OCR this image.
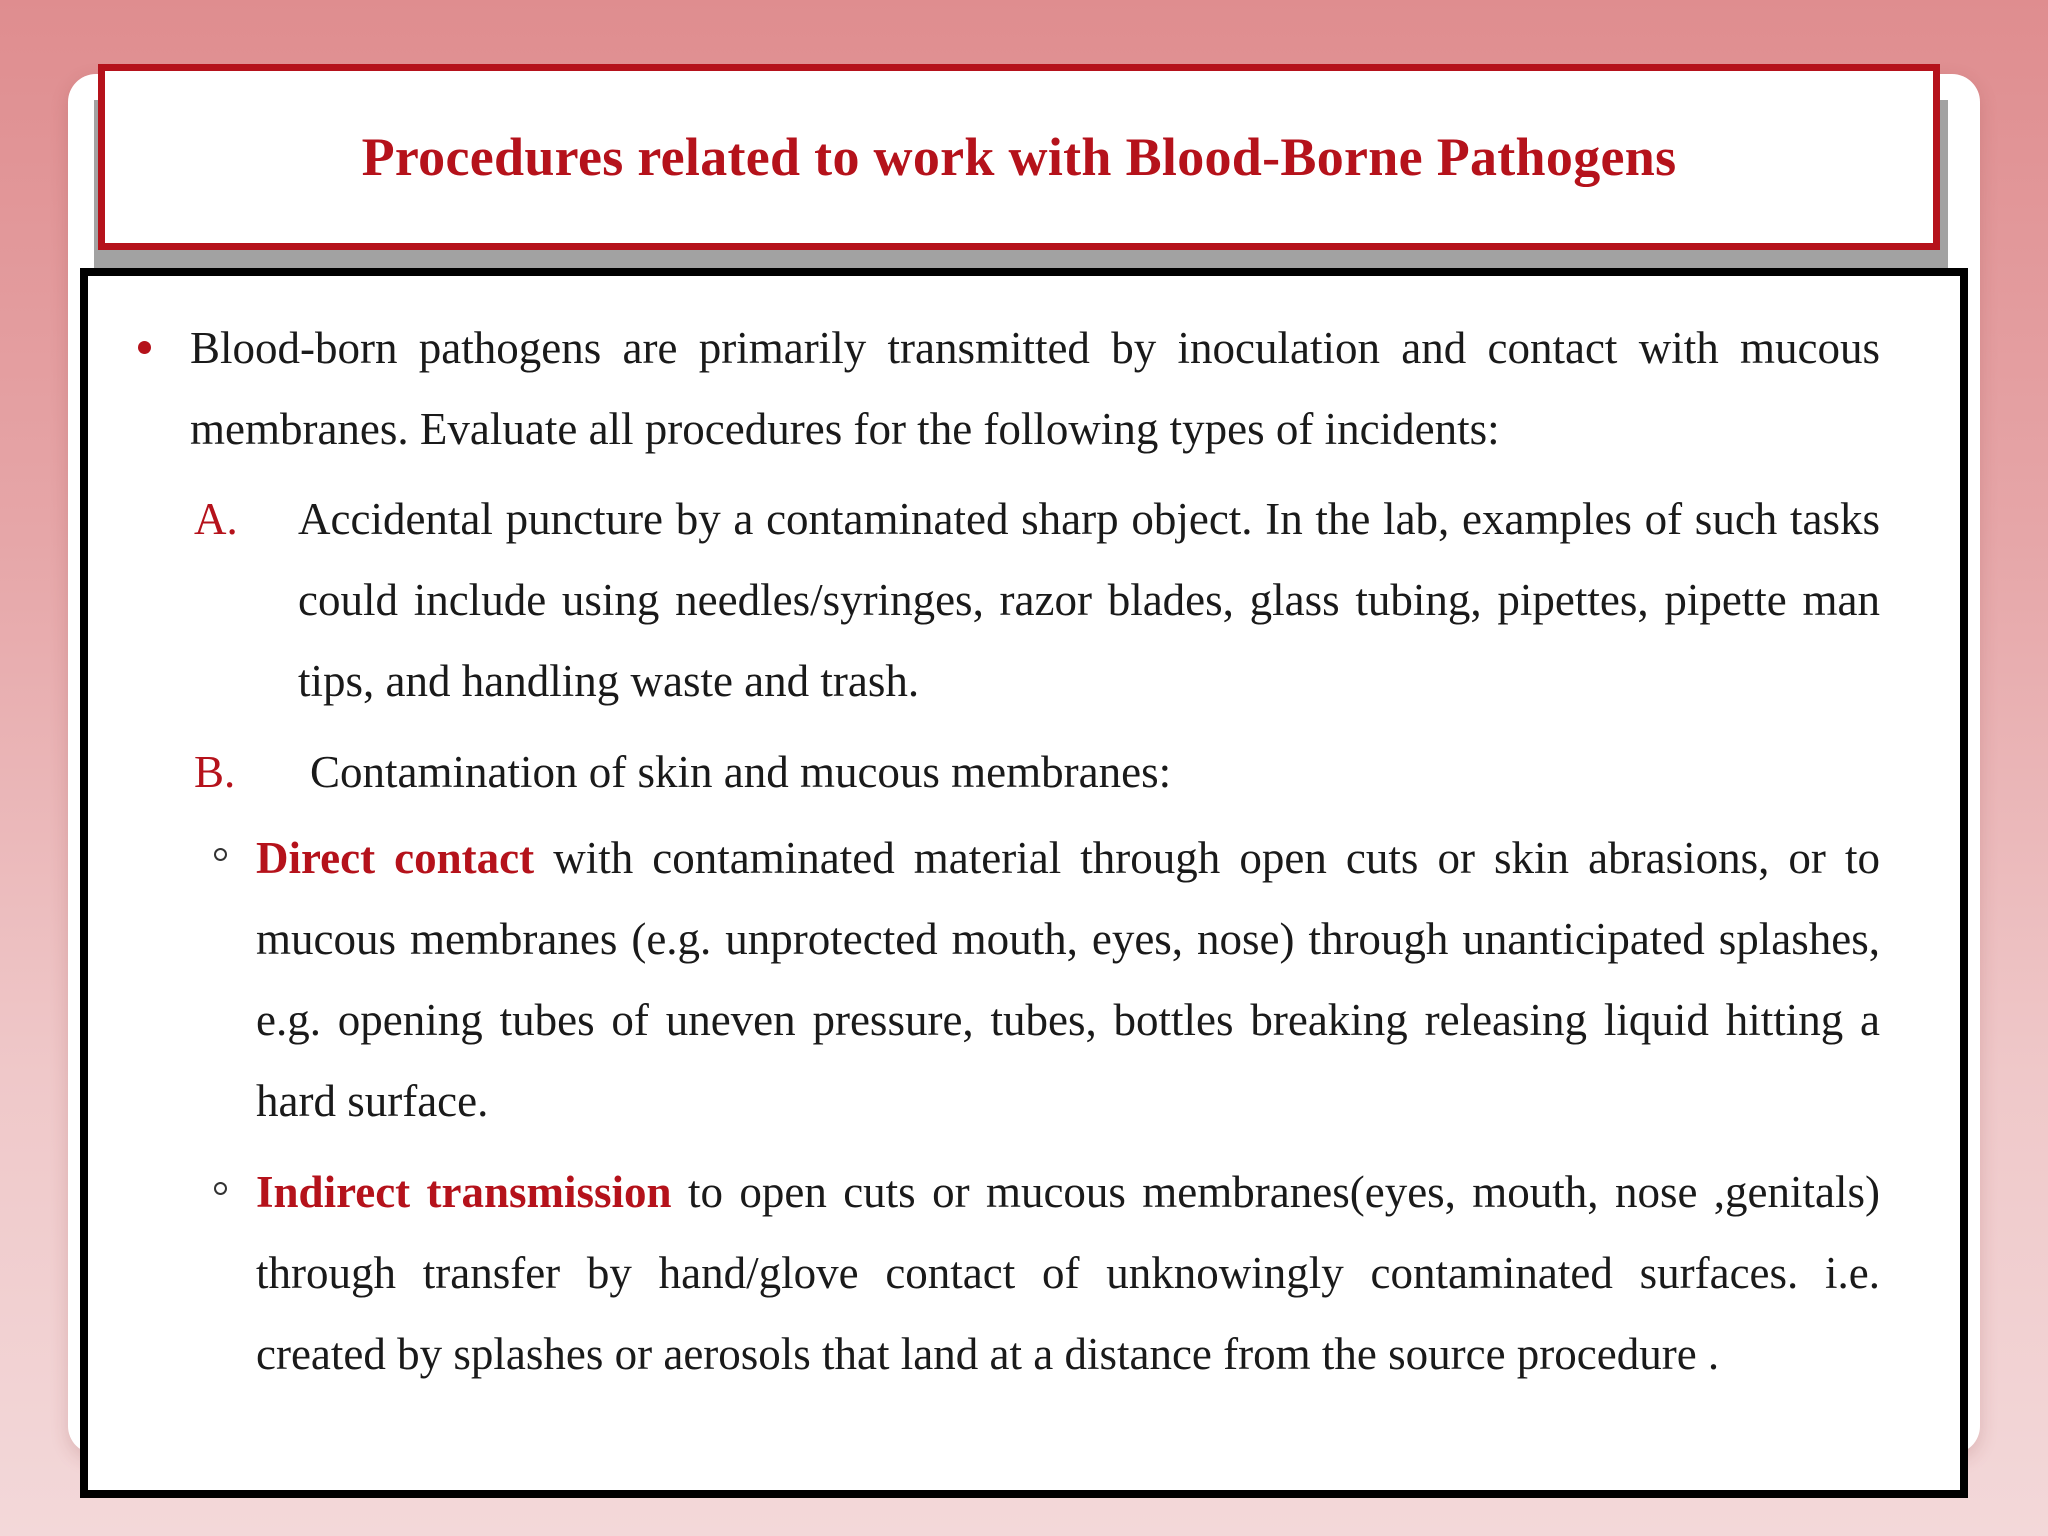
Procedures related to work with Blood-Borne Pathogens
Blood-born pathogens are primarily transmitted by inoculation and contact with mucous membranes. Evaluate all procedures for the following types of incidents:
A. Accidental puncture by a contaminated sharp object. In the lab, examples of such tasks could include using needles/syringes, razor blades, glass tubing, pipettes, pipette man tips, and handling waste and trash.
B. Contamination of skin and mucous membranes:
Direct contact with contaminated material through open cuts or skin abrasions, or to mucous membranes (e.g. unprotected mouth, eyes, nose) through unanticipated splashes, e.g. opening tubes of uneven pressure, tubes, bottles breaking releasing liquid hitting a hard surface.
Indirect transmission to open cuts or mucous membranes(eyes, mouth, nose ,genitals) through transfer by hand/glove contact of unknowingly contaminated surfaces. i.e. created by splashes or aerosols that land at a distance from the source procedure .
